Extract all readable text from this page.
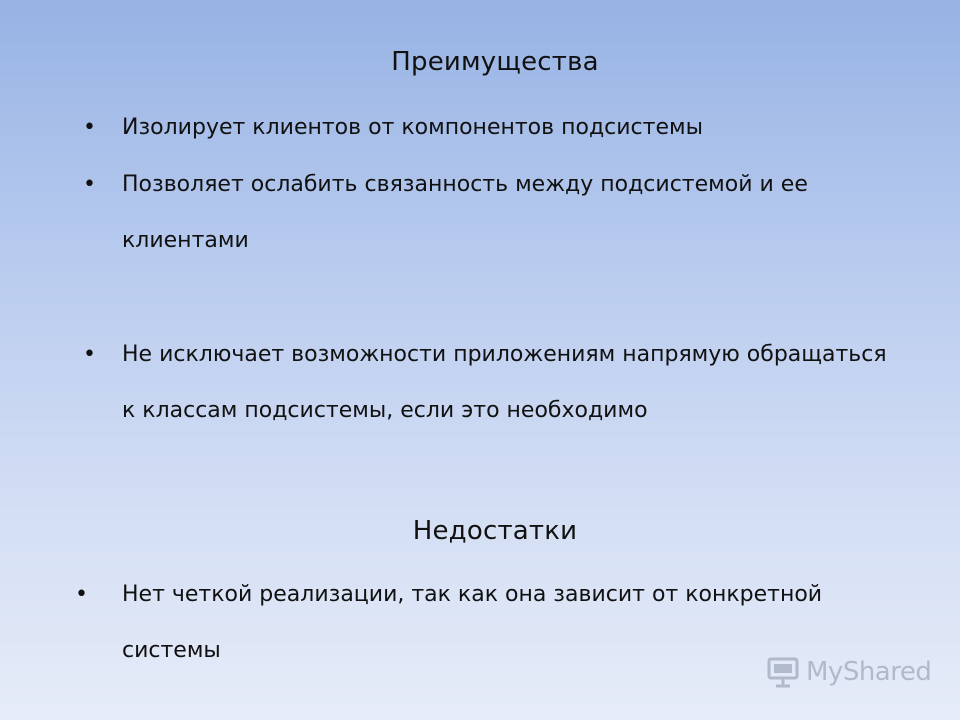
Преимущества
• Изолирует клиентов от компонентов подсистемы
• Позволяет ослабить связанность между подсистемой и ее клиентами
• Не исключает возможности приложениям напрямую обращаться к классам подсистемы, если это необходимо
Недостатки
• Нет четкой реализации, так как она зависит от конкретной системы
MyShared
